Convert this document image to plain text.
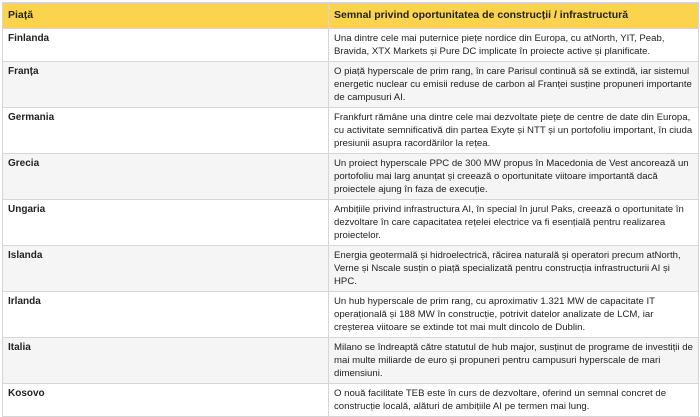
Piață	Semnal privind oportunitatea de construcții / infrastructură
Finlanda	Una dintre cele mai puternice piețe nordice din Europa, cu atNorth, YIT, Peab, Bravida, XTX Markets și Pure DC implicate în proiecte active și planificate.
Franța	O piață hyperscale de prim rang, în care Parisul continuă să se extindă, iar sistemul energetic nuclear cu emisii reduse de carbon al Franței susține propuneri importante de campusuri AI.
Germania	Frankfurt rămâne una dintre cele mai dezvoltate piețe de centre de date din Europa, cu activitate semnificativă din partea Exyte și NTT și un portofoliu important, în ciuda presiunii asupra racordărilor la rețea.
Grecia	Un proiect hyperscale PPC de 300 MW propus în Macedonia de Vest ancorează un portofoliu mai larg anunțat și creează o oportunitate viitoare importantă dacă proiectele ajung în faza de execuție.
Ungaria	Ambițiile privind infrastructura AI, în special în jurul Paks, creează o oportunitate în dezvoltare în care capacitatea rețelei electrice va fi esențială pentru realizarea proiectelor.
Islanda	Energia geotermală și hidroelectrică, răcirea naturală și operatori precum atNorth, Verne și Nscale susțin o piață specializată pentru construcția infrastructurii AI și HPC.
Irlanda	Un hub hyperscale de prim rang, cu aproximativ 1.321 MW de capacitate IT operațională și 188 MW în construcție, potrivit datelor analizate de LCM, iar creșterea viitoare se extinde tot mai mult dincolo de Dublin.
Italia	Milano se îndreaptă către statutul de hub major, susținut de programe de investiții de mai multe miliarde de euro și propuneri pentru campusuri hyperscale de mari dimensiuni.
Kosovo	O nouă facilitate TEB este în curs de dezvoltare, oferind un semnal concret de construcție locală, alături de ambițiile AI pe termen mai lung.
